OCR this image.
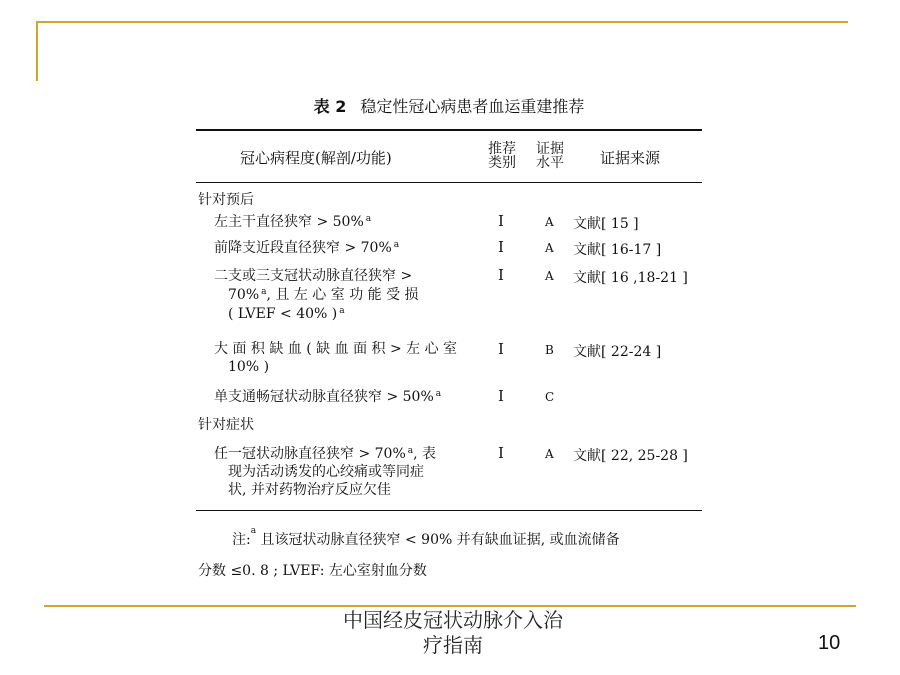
表 2 稳定性冠心病患者血运重建推荐
冠心病程度(解剖/功能)	推荐
类别
证据
水平 证据来源
针对预后
左主干直径狭窄 > 50% $^a$	I	A 文献[ 15 ]
前降支近段直径狭窄 > 70% $^a$	I	A 文献[ 16-17 ]
二支或三支冠状动脉直径狭窄 >
70% $^a$, 且 左 心 室 功 能 受 损
( LVEF < 40% ) $^a$
I	A 文献[ 16 ,18-21 ]
大 面 积 缺 血 ( 缺 血 面 积 > 左 心 室
10% )
I	B 文献[ 22-24 ]
单支通畅冠状动脉直径狭窄 > 50% $^a$	I	C
针对症状
任一冠状动脉直径狭窄 > 70% $^a$, 表
现为活动诱发的心绞痛或等同症
状, 并对药物治疗反应欠佳
I	A 文献[ 22, 25-28 ]
注:$^a$ 且该冠状动脉直径狭窄 < 90% 并有缺血证据, 或血流储备
分数 ≤0. 8 ; LVEF: 左心室射血分数
中国经皮冠状动脉介入治
疗指南	10
